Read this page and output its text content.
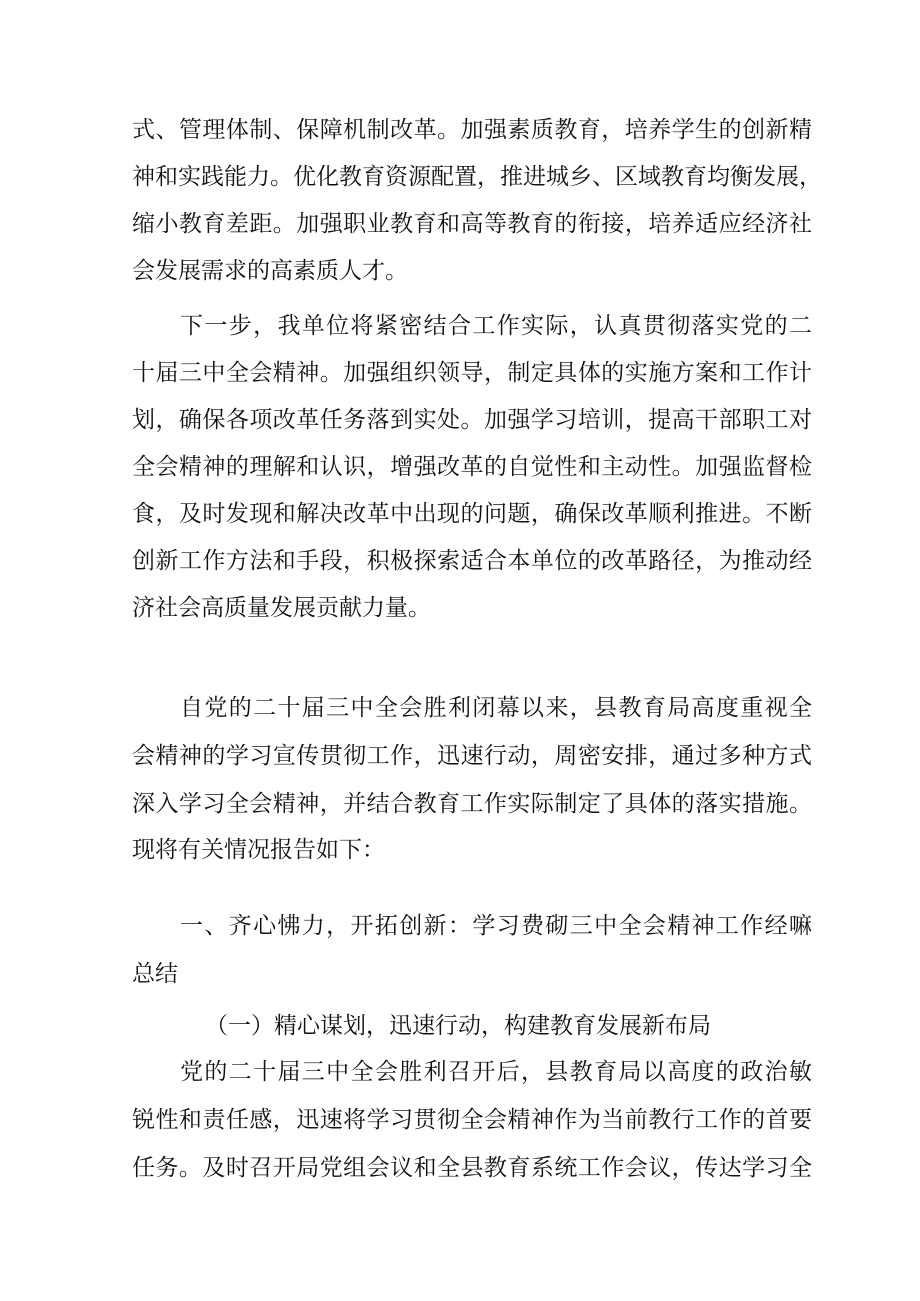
式、管理体制、保障机制改革。加强素质教育，培养学生的创新精
神和实践能力。优化教育资源配置，推进城乡、区域教育均衡发展，
缩小教育差距。加强职业教育和高等教育的衔接，培养适应经济社
会发展需求的高素质人才。
下一步，我单位将紧密结合工作实际，认真贯彻落实党的二
十届三中全会精神。加强组织领导，制定具体的实施方案和工作计
划，确保各项改革任务落到实处。加强学习培训，提高干部职工对
全会精神的理解和认识，增强改革的自觉性和主动性。加强监督检
食，及时发现和解决改革中出现的问题，确保改革顺利推进。不断
创新工作方法和手段，积极探索适合本单位的改革路径，为推动经
济社会高质量发展贡献力量。
自党的二十届三中全会胜利闭幕以来，县教育局高度重视全
会精神的学习宣传贯彻工作，迅速行动，周密安排，通过多种方式
深入学习全会精神，并结合教育工作实际制定了具体的落实措施。
现将有关情况报告如下：
一、齐心怫力，开拓创新：学习费砌三中全会精神工作经嘛
总结
（一）精心谋划，迅速行动，构建教育发展新布局
党的二十届三中全会胜利召开后，县教育局以高度的政治敏
锐性和责任感，迅速将学习贯彻全会精神作为当前教行工作的首要
任务。及时召开局党组会议和全县教育系统工作会议，传达学习全
